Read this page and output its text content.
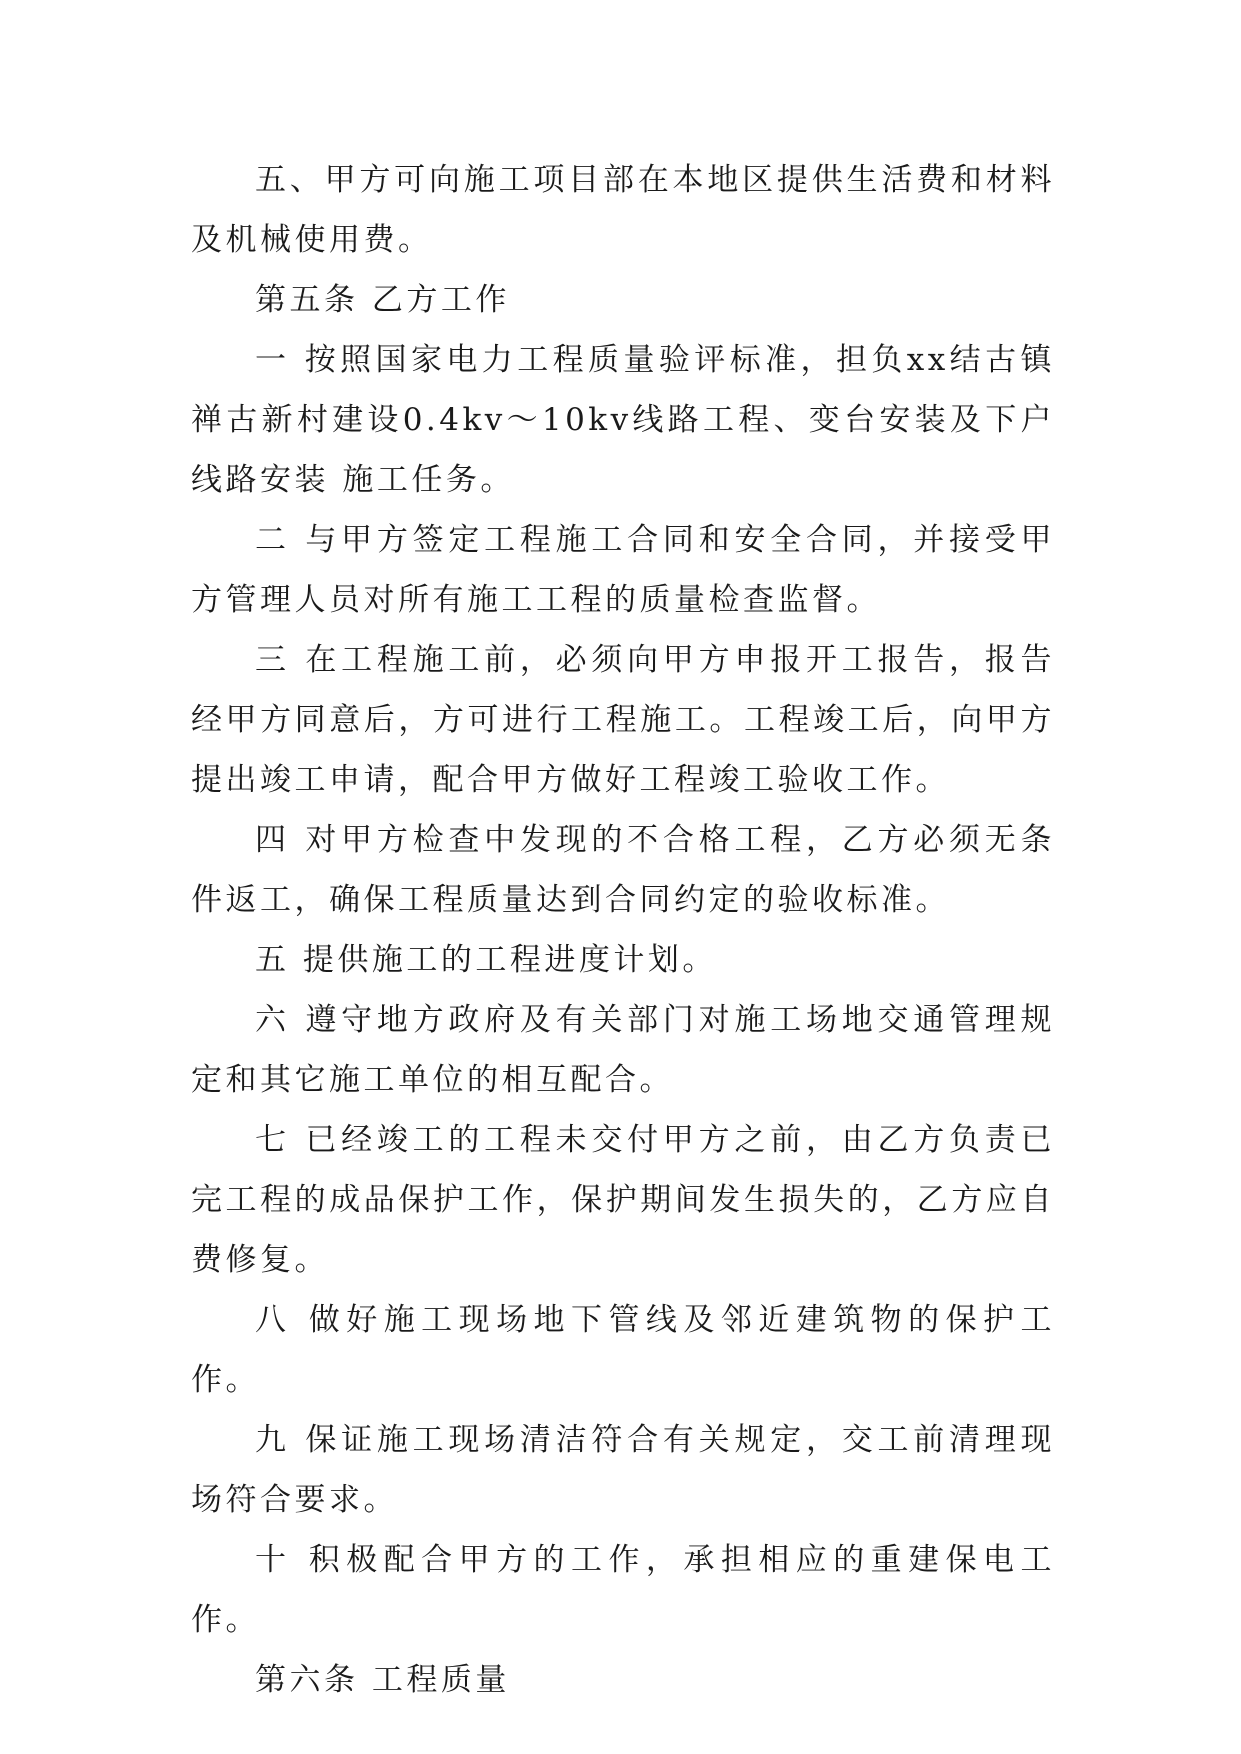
五、甲方可向施工项目部在本地区提供生活费和材料及机械使用费。

第五条 乙方工作

一 按照国家电力工程质量验评标准，担负xx结古镇禅古新村建设0.4kv～10kv线路工程、变台安装及下户线路安装 施工任务。

二 与甲方签定工程施工合同和安全合同，并接受甲方管理人员对所有施工工程的质量检查监督。

三 在工程施工前，必须向甲方申报开工报告，报告经甲方同意后，方可进行工程施工。工程竣工后，向甲方提出竣工申请，配合甲方做好工程竣工验收工作。

四 对甲方检查中发现的不合格工程，乙方必须无条件返工，确保工程质量达到合同约定的验收标准。

五 提供施工的工程进度计划。

六 遵守地方政府及有关部门对施工场地交通管理规定和其它施工单位的相互配合。

七 已经竣工的工程未交付甲方之前，由乙方负责已完工程的成品保护工作，保护期间发生损失的，乙方应自费修复。

八 做好施工现场地下管线及邻近建筑物的保护工作。

九 保证施工现场清洁符合有关规定，交工前清理现场符合要求。

十 积极配合甲方的工作，承担相应的重建保电工作。

第六条 工程质量
